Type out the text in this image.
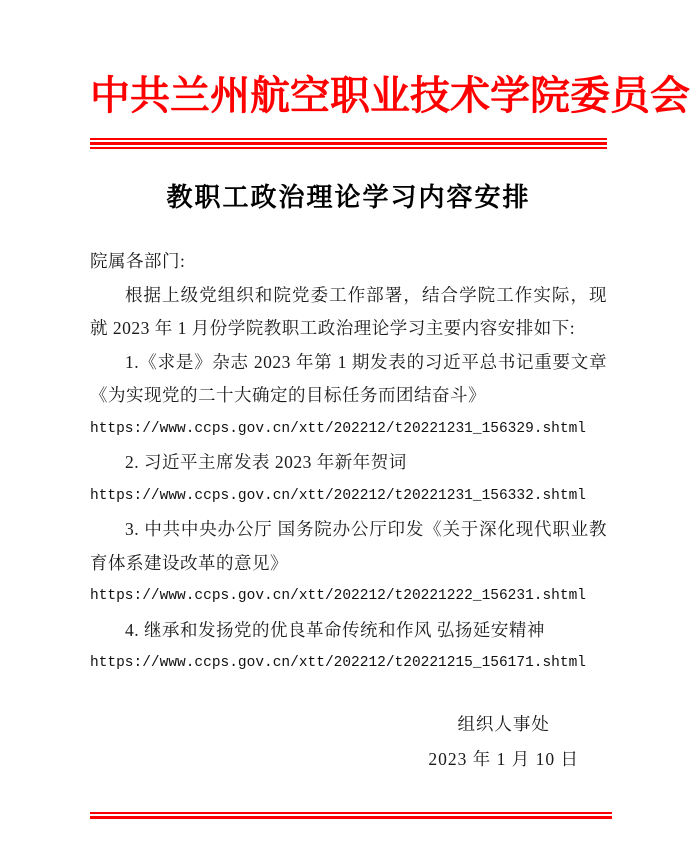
中共兰州航空职业技术学院委员会
教职工政治理论学习内容安排
院属各部门:
根据上级党组织和院党委工作部署，结合学院工作实际，现就 2023 年 1 月份学院教职工政治理论学习主要内容安排如下:
1.《求是》杂志 2023 年第 1 期发表的习近平总书记重要文章《为实现党的二十大确定的目标任务而团结奋斗》
https://www.ccps.gov.cn/xtt/202212/t20221231_156329.shtml
2. 习近平主席发表 2023 年新年贺词
https://www.ccps.gov.cn/xtt/202212/t20221231_156332.shtml
3. 中共中央办公厅 国务院办公厅印发《关于深化现代职业教育体系建设改革的意见》
https://www.ccps.gov.cn/xtt/202212/t20221222_156231.shtml
4. 继承和发扬党的优良革命传统和作风 弘扬延安精神
https://www.ccps.gov.cn/xtt/202212/t20221215_156171.shtml
组织人事处
2023 年 1 月 10 日
